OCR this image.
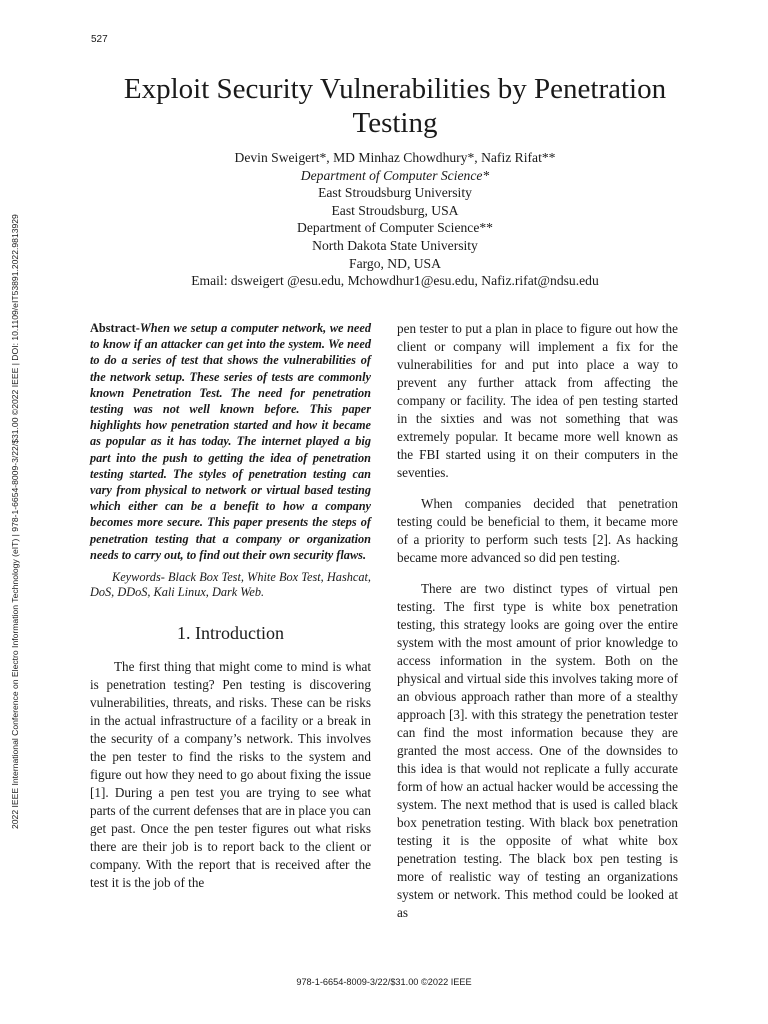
527
2022 IEEE International Conference on Electro Information Technology (eIT) | 978-1-6654-8009-3/22/$31.00 ©2022 IEEE | DOI: 10.1109/eIT53891.2022.9813929
Exploit Security Vulnerabilities by Penetration Testing
Devin Sweigert*, MD Minhaz Chowdhury*, Nafiz Rifat**
Department of Computer Science*
East Stroudsburg University
East Stroudsburg, USA
Department of Computer Science**
North Dakota State University
Fargo, ND, USA
Email: dsweigert @esu.edu, Mchowdhur1@esu.edu, Nafiz.rifat@ndsu.edu

Abstract-When we setup a computer network, we need to know if an attacker can get into the system. We need to do a series of test that shows the vulnerabilities of the network setup. These series of tests are commonly known Penetration Test. The need for penetration testing was not well known before. This paper highlights how penetration started and how it became as popular as it has today. The internet played a big part into the push to getting the idea of penetration testing started. The styles of penetration testing can vary from physical to network or virtual based testing which either can be a benefit to how a company becomes more secure. This paper presents the steps of penetration testing that a company or organization needs to carry out, to find out their own security flaws.

Keywords- Black Box Test, White Box Test, Hashcat, DoS, DDoS, Kali Linux, Dark Web.

1. Introduction

The first thing that might come to mind is what is penetration testing? Pen testing is discovering vulnerabilities, threats, and risks. These can be risks in the actual infrastructure of a facility or a break in the security of a company’s network. This involves the pen tester to find the risks to the system and figure out how they need to go about fixing the issue [1]. During a pen test you are trying to see what parts of the current defenses that are in place you can get past. Once the pen tester figures out what risks there are their job is to report back to the client or company. With the report that is received after the test it is the job of the

pen tester to put a plan in place to figure out how the client or company will implement a fix for the vulnerabilities for and put into place a way to prevent any further attack from affecting the company or facility. The idea of pen testing started in the sixties and was not something that was extremely popular. It became more well known as the FBI started using it on their computers in the seventies.

When companies decided that penetration testing could be beneficial to them, it became more of a priority to perform such tests [2]. As hacking became more advanced so did pen testing.

There are two distinct types of virtual pen testing. The first type is white box penetration testing, this strategy looks are going over the entire system with the most amount of prior knowledge to access information in the system. Both on the physical and virtual side this involves taking more of an obvious approach rather than more of a stealthy approach [3]. with this strategy the penetration tester can find the most information because they are granted the most access. One of the downsides to this idea is that would not replicate a fully accurate form of how an actual hacker would be accessing the system. The next method that is used is called black box penetration testing. With black box penetration testing it is the opposite of what white box penetration testing. The black box pen testing is more of realistic way of testing an organizations system or network. This method could be looked at as

978-1-6654-8009-3/22/$31.00 ©2022 IEEE
